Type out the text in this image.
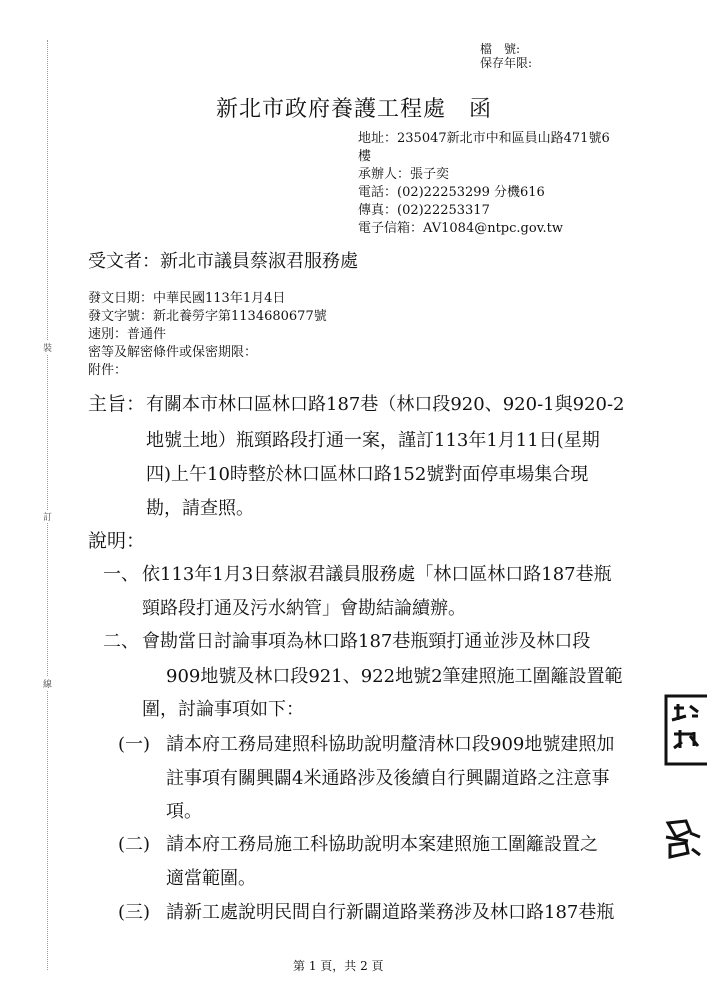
檔　號:
保存年限:
裝
訂
線
新北市政府養護工程處　函
地址：235047新北市中和區員山路471號6
樓
承辦人：張子奕
電話：(02)22253299 分機616
傳真：(02)22253317
電子信箱：AV1084@ntpc.gov.tw
受文者：新北市議員蔡淑君服務處
發文日期：中華民國113年1月4日
發文字號：新北養勞字第1134680677號
速別：普通件
密等及解密條件或保密期限：
附件：
主旨： 有關本市林口區林口路187巷（林口段920、920-1與920-2
地號土地）瓶頸路段打通一案，謹訂113年1月11日(星期
四)上午10時整於林口區林口路152號對面停車場集合現
勘，請查照。
說明：
一、 依113年1月3日蔡淑君議員服務處「林口區林口路187巷瓶
頸路段打通及污水納管」會勘結論續辦。
二、 會勘當日討論事項為林口路187巷瓶頸打通並涉及林口段
909地號及林口段921、922地號2筆建照施工圍籬設置範
圍，討論事項如下：
(一) 請本府工務局建照科協助說明釐清林口段909地號建照加
註事項有關興闢4米通路涉及後續自行興闢道路之注意事
項。
(二) 請本府工務局施工科協助說明本案建照施工圍籬設置之
適當範圍。
(三) 請新工處說明民間自行新闢道路業務涉及林口路187巷瓶
第 1 頁，共 2 頁
